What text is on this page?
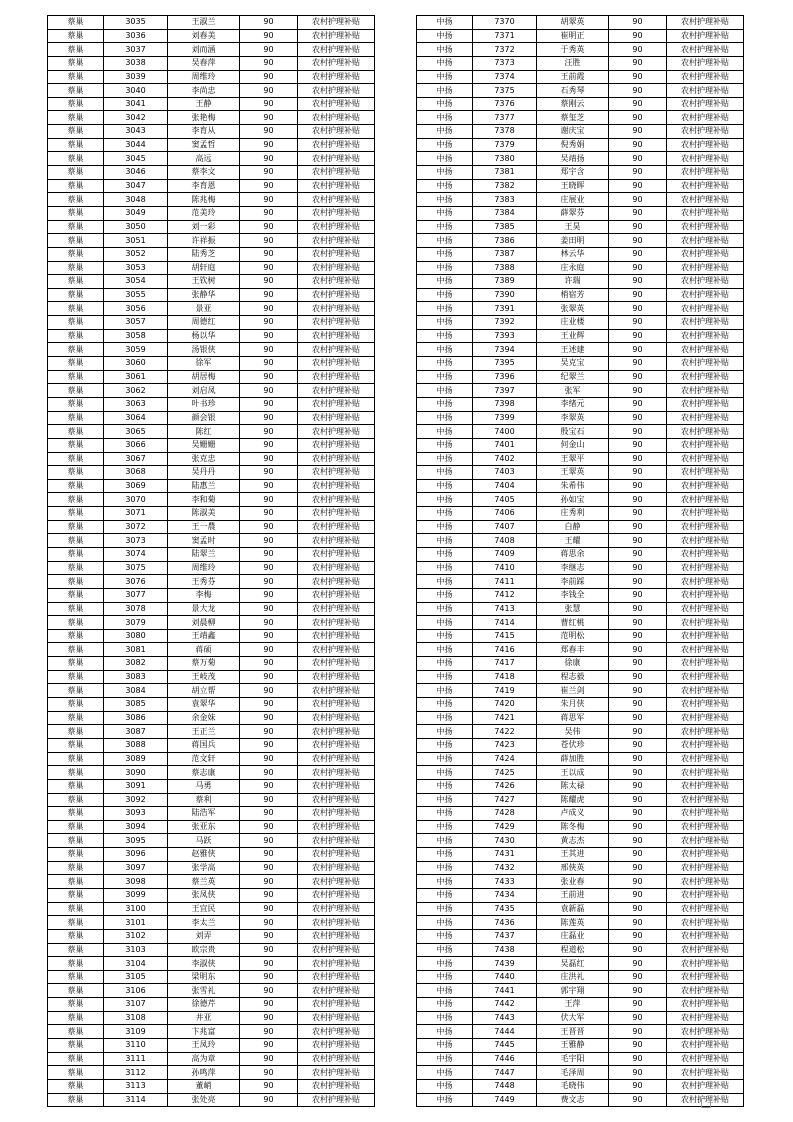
蔡巢	3035	王淑兰	90	农村护理补贴
蔡巢	3036	刘春美	90	农村护理补贴
蔡巢	3037	刘而涵	90	农村护理补贴
蔡巢	3038	吴春萍	90	农村护理补贴
蔡巢	3039	周维玲	90	农村护理补贴
蔡巢	3040	李尚忠	90	农村护理补贴
蔡巢	3041	王静	90	农村护理补贴
蔡巢	3042	张艳梅	90	农村护理补贴
蔡巢	3043	李育从	90	农村护理补贴
蔡巢	3044	窦孟哲	90	农村护理补贴
蔡巢	3045	高远	90	农村护理补贴
蔡巢	3046	蔡李文	90	农村护理补贴
蔡巢	3047	李育恩	90	农村护理补贴
蔡巢	3048	陈兆梅	90	农村护理补贴
蔡巢	3049	范美玲	90	农村护理补贴
蔡巢	3050	刘一彩	90	农村护理补贴
蔡巢	3051	许祥振	90	农村护理补贴
蔡巢	3052	陆秀芝	90	农村护理补贴
蔡巢	3053	胡轩庭	90	农村护理补贴
蔡巢	3054	王钦树	90	农村护理补贴
蔡巢	3055	张静华	90	农村护理补贴
蔡巢	3056	景亚	90	农村护理补贴
蔡巢	3057	周德红	90	农村护理补贴
蔡巢	3058	杨以华	90	农村护理补贴
蔡巢	3059	汤银侠	90	农村护理补贴
蔡巢	3060	徐军	90	农村护理补贴
蔡巢	3061	胡居梅	90	农村护理补贴
蔡巢	3062	刘启凤	90	农村护理补贴
蔡巢	3063	叶书珍	90	农村护理补贴
蔡巢	3064	颜会银	90	农村护理补贴
蔡巢	3065	陈红	90	农村护理补贴
蔡巢	3066	吴姗姗	90	农村护理补贴
蔡巢	3067	张克忠	90	农村护理补贴
蔡巢	3068	吴丹丹	90	农村护理补贴
蔡巢	3069	陆惠兰	90	农村护理补贴
蔡巢	3070	李和菊	90	农村护理补贴
蔡巢	3071	陈淑美	90	农村护理补贴
蔡巢	3072	王一農	90	农村护理补贴
蔡巢	3073	窦孟时	90	农村护理补贴
蔡巢	3074	陆翠兰	90	农村护理补贴
蔡巢	3075	周维玲	90	农村护理补贴
蔡巢	3076	王秀芬	90	农村护理补贴
蔡巢	3077	李梅	90	农村护理补贴
蔡巢	3078	景大龙	90	农村护理补贴
蔡巢	3079	刘晨柳	90	农村护理补贴
蔡巢	3080	王靖鑫	90	农村护理补贴
蔡巢	3081	蒋硕	90	农村护理补贴
蔡巢	3082	蔡万菊	90	农村护理补贴
蔡巢	3083	王岐茂	90	农村护理补贴
蔡巢	3084	胡立帮	90	农村护理补贴
蔡巢	3085	袁翠华	90	农村护理补贴
蔡巢	3086	余金妹	90	农村护理补贴
蔡巢	3087	王正兰	90	农村护理补贴
蔡巢	3088	蒋国兵	90	农村护理补贴
蔡巢	3089	范文轩	90	农村护理补贴
蔡巢	3090	蔡志康	90	农村护理补贴
蔡巢	3091	马勇	90	农村护理补贴
蔡巢	3092	蔡利	90	农村护理补贴
蔡巢	3093	陆浩军	90	农村护理补贴
蔡巢	3094	张亚东	90	农村护理补贴
蔡巢	3095	马跃	90	农村护理补贴
蔡巢	3096	赵雅侠	90	农村护理补贴
蔡巢	3097	张学高	90	农村护理补贴
蔡巢	3098	蔡兰英	90	农村护理补贴
蔡巢	3099	张凤侠	90	农村护理补贴
蔡巢	3100	王宜民	90	农村护理补贴
蔡巢	3101	李太兰	90	农村护理补贴
蔡巢	3102	刘弄	90	农村护理补贴
蔡巢	3103	欧宗贵	90	农村护理补贴
蔡巢	3104	李淑侠	90	农村护理补贴
蔡巢	3105	梁明东	90	农村护理补贴
蔡巢	3106	张雪礼	90	农村护理补贴
蔡巢	3107	徐德芹	90	农村护理补贴
蔡巢	3108	井亚	90	农村护理补贴
蔡巢	3109	卞兆富	90	农村护理补贴
蔡巢	3110	王凤玲	90	农村护理补贴
蔡巢	3111	高为章	90	农村护理补贴
蔡巢	3112	孙鸣萍	90	农村护理补贴
蔡巢	3113	董峭	90	农村护理补贴
蔡巢	3114	张处亮	90	农村护理补贴
中扬	7370	胡翠英	90	农村护理补贴
中扬	7371	崔明正	90	农村护理补贴
中扬	7372	于秀英	90	农村护理补贴
中扬	7373	汪胜	90	农村护理补贴
中扬	7374	王前霞	90	农村护理补贴
中扬	7375	石秀琴	90	农村护理补贴
中扬	7376	蔡刚云	90	农村护理补贴
中扬	7377	蔡玺芝	90	农村护理补贴
中扬	7378	谢庆宝	90	农村护理补贴
中扬	7379	倪秀娟	90	农村护理补贴
中扬	7380	吴靖扬	90	农村护理补贴
中扬	7381	郑宇含	90	农村护理补贴
中扬	7382	王晓晖	90	农村护理补贴
中扬	7383	庄展业	90	农村护理补贴
中扬	7384	薛翠芬	90	农村护理补贴
中扬	7385	王昊	90	农村护理补贴
中扬	7386	姜田明	90	农村护理补贴
中扬	7387	林云华	90	农村护理补贴
中扬	7388	庄永庭	90	农村护理补贴
中扬	7389	许瑞	90	农村护理补贴
中扬	7390	梢宿芳	90	农村护理补贴
中扬	7391	张翠英	90	农村护理补贴
中扬	7392	庄业楼	90	农村护理补贴
中扬	7393	王业辉	90	农村护理补贴
中扬	7394	王述建	90	农村护理补贴
中扬	7395	吴克宝	90	农村护理补贴
中扬	7396	纪翠兰	90	农村护理补贴
中扬	7397	张军	90	农村护理补贴
中扬	7398	李绪元	90	农村护理补贴
中扬	7399	李翠英	90	农村护理补贴
中扬	7400	殷宝石	90	农村护理补贴
中扬	7401	何金山	90	农村护理补贴
中扬	7402	王翠平	90	农村护理补贴
中扬	7403	王翠英	90	农村护理补贴
中扬	7404	朱希伟	90	农村护理补贴
中扬	7405	孙如宝	90	农村护理补贴
中扬	7406	庄秀利	90	农村护理补贴
中扬	7407	白静	90	农村护理补贴
中扬	7408	王耀	90	农村护理补贴
中扬	7409	蒋思余	90	农村护理补贴
中扬	7410	李继志	90	农村护理补贴
中扬	7411	李前踩	90	农村护理补贴
中扬	7412	李钱全	90	农村护理补贴
中扬	7413	张慧	90	农村护理补贴
中扬	7414	曹红桃	90	农村护理补贴
中扬	7415	范明松	90	农村护理补贴
中扬	7416	郑春丰	90	农村护理补贴
中扬	7417	徐康	90	农村护理补贴
中扬	7418	程志毅	90	农村护理补贴
中扬	7419	崔兰剑	90	农村护理补贴
中扬	7420	朱月侠	90	农村护理补贴
中扬	7421	蒋思军	90	农村护理补贴
中扬	7422	吴伟	90	农村护理补贴
中扬	7423	苍伏珍	90	农村护理补贴
中扬	7424	薛加胜	90	农村护理补贴
中扬	7425	王以成	90	农村护理补贴
中扬	7426	陈太禄	90	农村护理补贴
中扬	7427	陈耀虎	90	农村护理补贴
中扬	7428	卢成义	90	农村护理补贴
中扬	7429	陈冬梅	90	农村护理补贴
中扬	7430	黄志杰	90	农村护理补贴
中扬	7431	王其进	90	农村护理补贴
中扬	7432	邢俠英	90	农村护理补贴
中扬	7433	张业春	90	农村护理补贴
中扬	7434	王前进	90	农村护理补贴
中扬	7435	袁新磊	90	农村护理补贴
中扬	7436	陈莲英	90	农村护理补贴
中扬	7437	庄磊业	90	农村护理补贴
中扬	7438	程道松	90	农村护理补贴
中扬	7439	吴磊红	90	农村护理补贴
中扬	7440	庄洪礼	90	农村护理补贴
中扬	7441	郭宇翔	90	农村护理补贴
中扬	7442	王萍	90	农村护理补贴
中扬	7443	伏大军	90	农村护理补贴
中扬	7444	王晋晋	90	农村护理补贴
中扬	7445	王雅静	90	农村护理补贴
中扬	7446	毛宇阳	90	农村护理补贴
中扬	7447	毛泽周	90	农村护理补贴
中扬	7448	毛晓伟	90	农村护理补贴
中扬	7449	费文志	90	农村护理补贴
